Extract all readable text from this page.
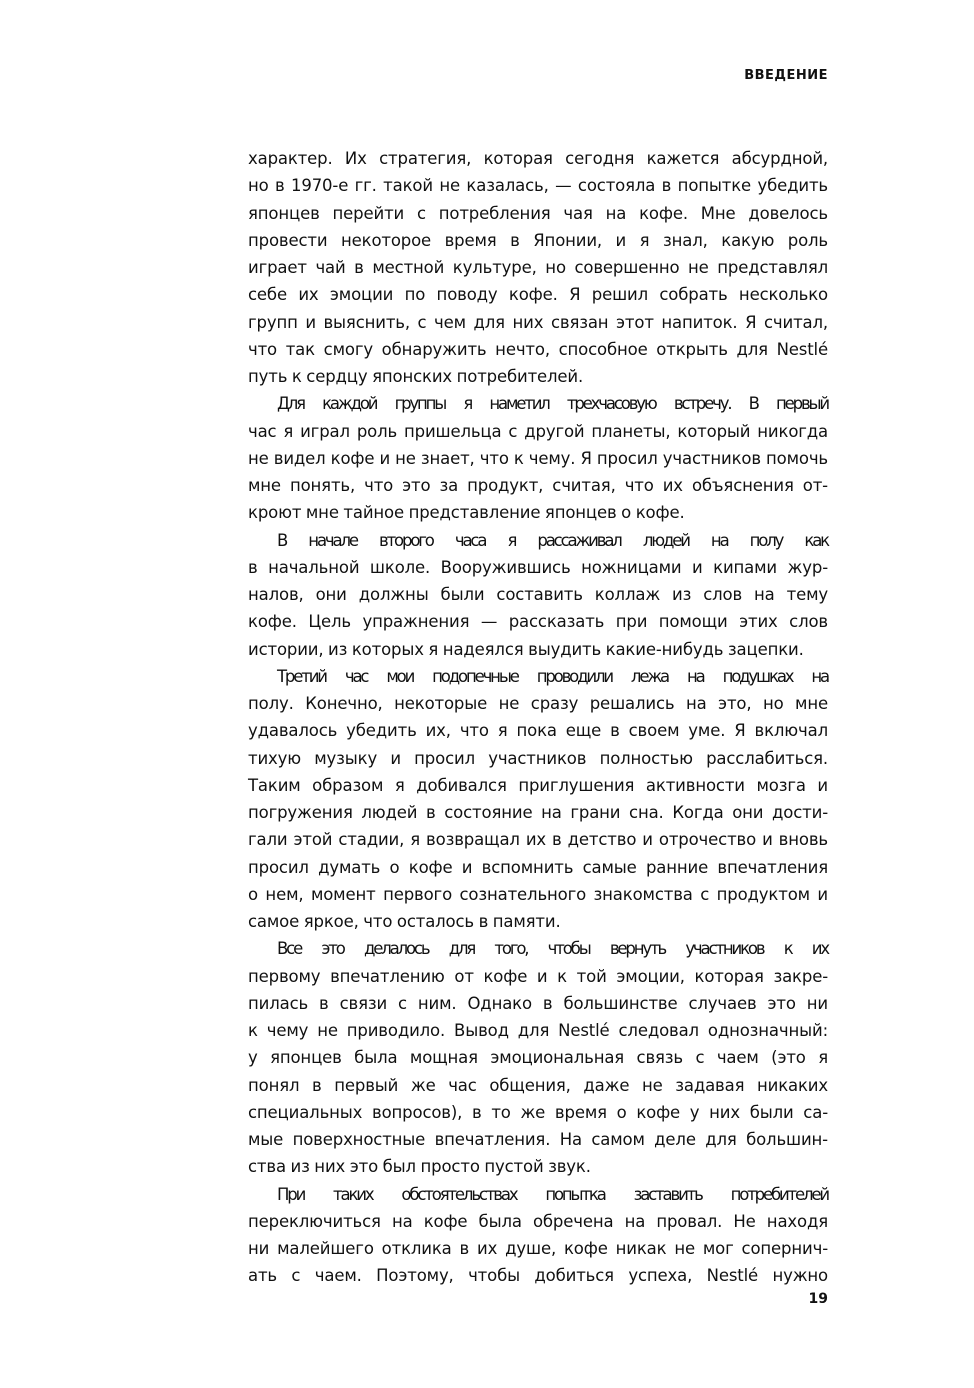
ВВЕДЕНИЕ
характер. Их стратегия, которая сегодня кажется абсурдной,
но в 1970-е гг. такой не казалась, — состояла в попытке убедить
японцев перейти с потребления чая на кофе. Мне довелось
провести некоторое время в Японии, и я знал, какую роль
играет чай в местной культуре, но совершенно не представлял
себе их эмоции по поводу кофе. Я решил собрать несколько
групп и выяснить, с чем для них связан этот напиток. Я считал,
что так смогу обнаружить нечто, способное открыть для Nestlé
путь к сердцу японских потребителей.
Для каждой группы я наметил трехчасовую встречу. В первый
час я играл роль пришельца с другой планеты, который никогда
не видел кофе и не знает, что к чему. Я просил участников помочь
мне понять, что это за продукт, считая, что их объяснения от-
кроют мне тайное представление японцев о кофе.
В начале второго часа я рассаживал людей на полу как
в начальной школе. Вооружившись ножницами и кипами жур-
налов, они должны были составить коллаж из слов на тему
кофе. Цель упражнения — рассказать при помощи этих слов
истории, из которых я надеялся выудить какие-нибудь зацепки.
Третий час мои подопечные проводили лежа на подушках на
полу. Конечно, некоторые не сразу решались на это, но мне
удавалось убедить их, что я пока еще в своем уме. Я включал
тихую музыку и просил участников полностью расслабиться.
Таким образом я добивался приглушения активности мозга и
погружения людей в состояние на грани сна. Когда они дости-
гали этой стадии, я возвращал их в детство и отрочество и вновь
просил думать о кофе и вспомнить самые ранние впечатления
о нем, момент первого сознательного знакомства с продуктом и
самое яркое, что осталось в памяти.
Все это делалось для того, чтобы вернуть участников к их
первому впечатлению от кофе и к той эмоции, которая закре-
пилась в связи с ним. Однако в большинстве случаев это ни
к чему не приводило. Вывод для Nestlé следовал однозначный:
у японцев была мощная эмоциональная связь с чаем (это я
понял в первый же час общения, даже не задавая никаких
специальных вопросов), в то же время о кофе у них были са-
мые поверхностные впечатления. На самом деле для большин-
ства из них это был просто пустой звук.
При таких обстоятельствах попытка заставить потребителей
переключиться на кофе была обречена на провал. Не находя
ни малейшего отклика в их душе, кофе никак не мог сопернич-
ать с чаем. Поэтому, чтобы добиться успеха, Nestlé нужно
19
